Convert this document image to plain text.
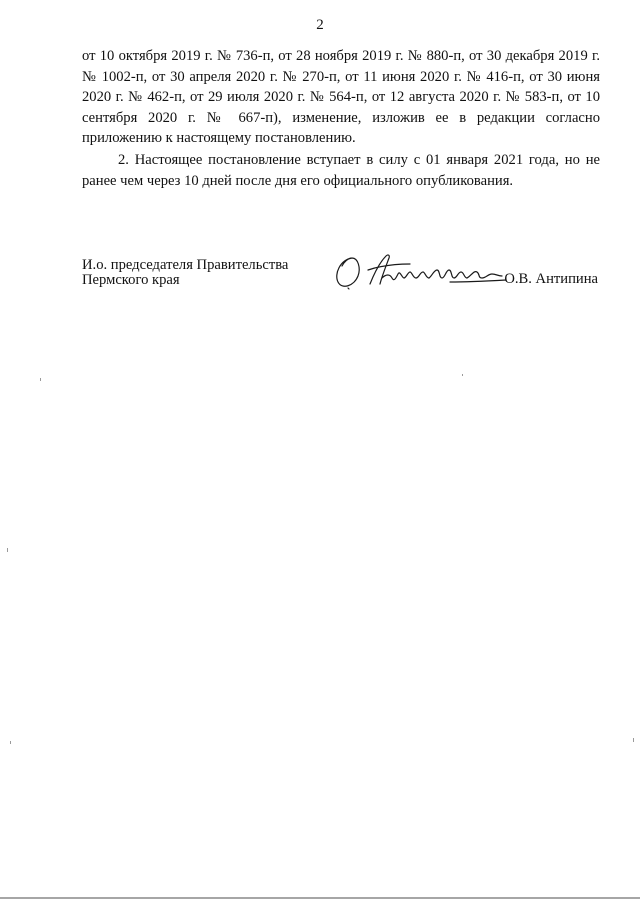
2

от 10 октября 2019 г. № 736-п, от 28 ноября 2019 г. № 880-п, от 30 декабря 2019 г. № 1002-п, от 30 апреля 2020 г. № 270-п, от 11 июня 2020 г. № 416-п, от 30 июня 2020 г. № 462-п, от 29 июля 2020 г. № 564-п, от 12 августа 2020 г. № 583-п, от 10 сентября 2020 г. № 667-п), изменение, изложив ее в редакции согласно приложению к настоящему постановлению.

2. Настоящее постановление вступает в силу с 01 января 2021 года, но не ранее чем через 10 дней после дня его официального опубликования.

И.о. председателя Правительства
Пермского края	О.В. Антипина
